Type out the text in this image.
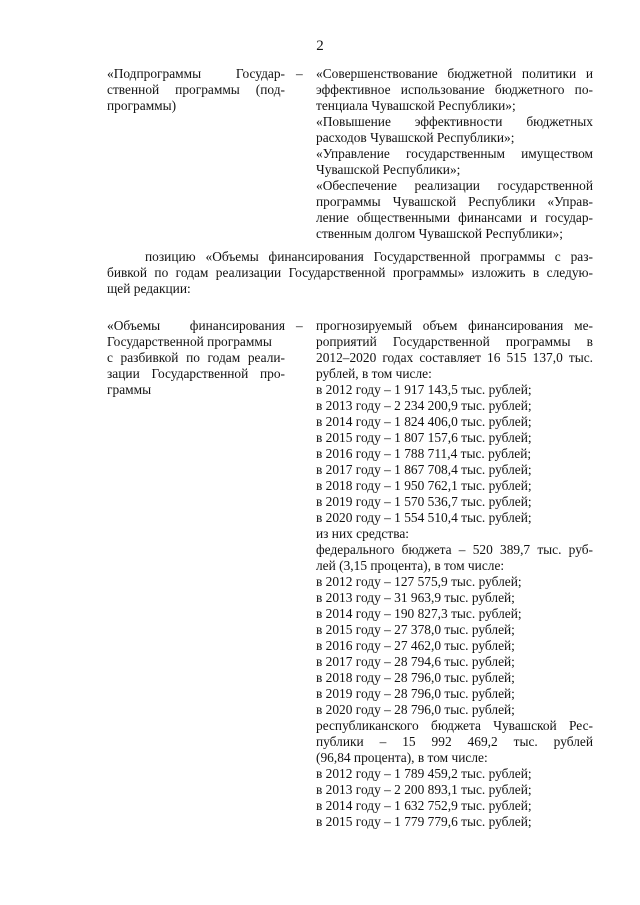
2
«Подпрограммы Государ-
ственной программы (под-
программы)
– «Совершенствование бюджетной политики и
эффективное использование бюджетного по-
тенциала Чувашской Республики»;
«Повышение эффективности бюджетных
расходов Чувашской Республики»;
«Управление государственным имуществом
Чувашской Республики»;
«Обеспечение реализации государственной
программы Чувашской Республики «Управ-
ление общественными финансами и государ-
ственным долгом Чувашской Республики»;
позицию «Объемы финансирования Государственной программы с раз-
бивкой по годам реализации Государственной программы» изложить в следую-
щей редакции:
«Объемы финансирования
Государственной программы
с разбивкой по годам реали-
зации Государственной про-
граммы
– прогнозируемый объем финансирования ме-
роприятий Государственной программы в
2012–2020 годах составляет 16 515 137,0 тыс.
рублей, в том числе:
в 2012 году – 1 917 143,5 тыс. рублей;
в 2013 году – 2 234 200,9 тыс. рублей;
в 2014 году – 1 824 406,0 тыс. рублей;
в 2015 году – 1 807 157,6 тыс. рублей;
в 2016 году – 1 788 711,4 тыс. рублей;
в 2017 году – 1 867 708,4 тыс. рублей;
в 2018 году – 1 950 762,1 тыс. рублей;
в 2019 году – 1 570 536,7 тыс. рублей;
в 2020 году – 1 554 510,4 тыс. рублей;
из них средства:
федерального бюджета – 520 389,7 тыс. руб-
лей (3,15 процента), в том числе:
в 2012 году – 127 575,9 тыс. рублей;
в 2013 году – 31 963,9 тыс. рублей;
в 2014 году – 190 827,3 тыс. рублей;
в 2015 году – 27 378,0 тыс. рублей;
в 2016 году – 27 462,0 тыс. рублей;
в 2017 году – 28 794,6 тыс. рублей;
в 2018 году – 28 796,0 тыс. рублей;
в 2019 году – 28 796,0 тыс. рублей;
в 2020 году – 28 796,0 тыс. рублей;
республиканского бюджета Чувашской Рес-
публики – 15 992 469,2 тыс. рублей
(96,84 процента), в том числе:
в 2012 году – 1 789 459,2 тыс. рублей;
в 2013 году – 2 200 893,1 тыс. рублей;
в 2014 году – 1 632 752,9 тыс. рублей;
в 2015 году – 1 779 779,6 тыс. рублей;
